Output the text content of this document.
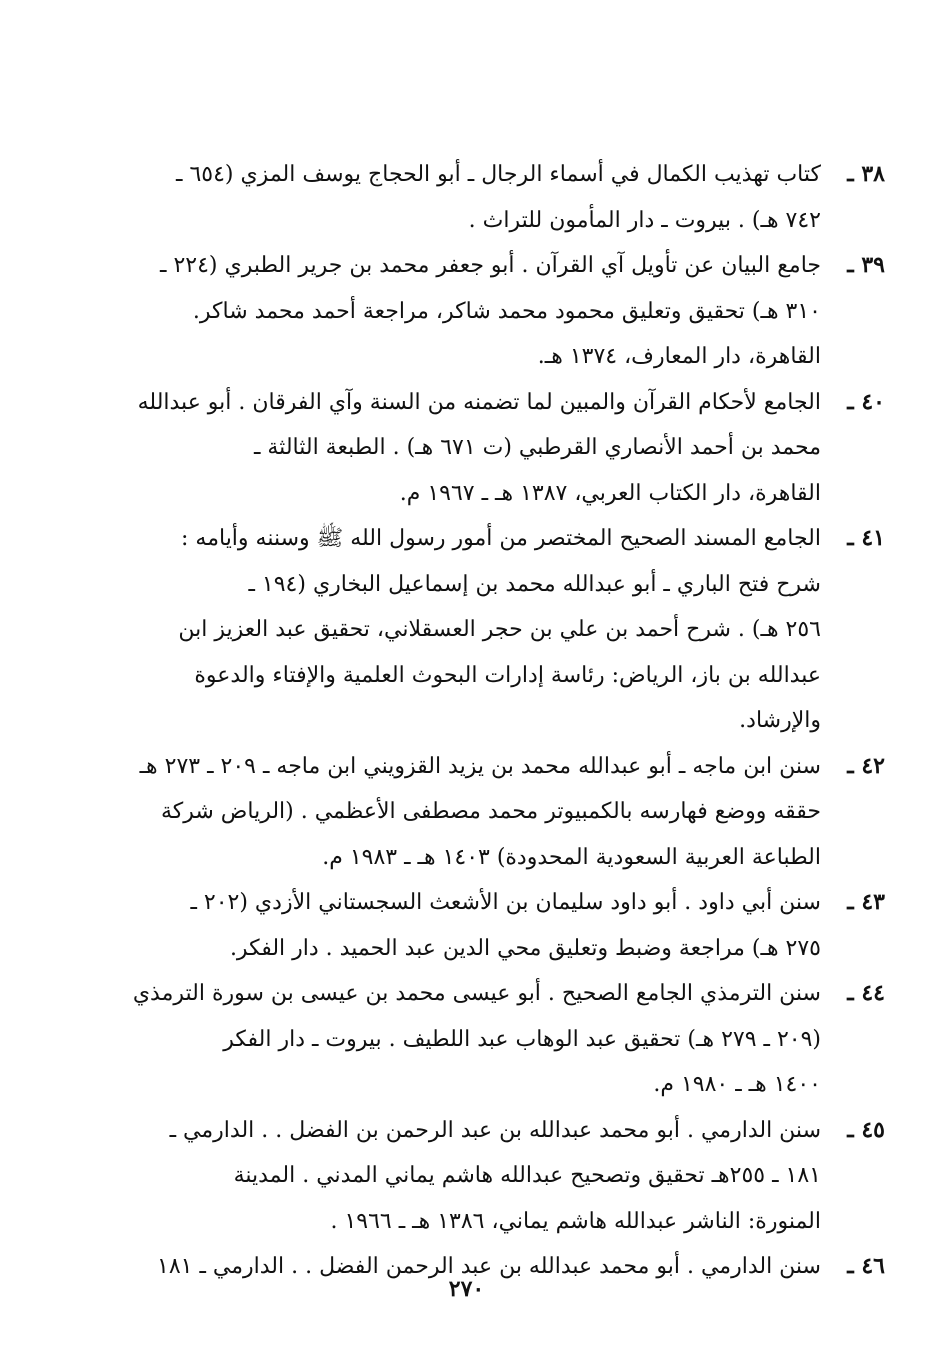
٣٨ ـ
كتاب تهذيب الكمال في أسماء الرجال ـ أبو الحجاج يوسف المزي (٦٥٤ ـ
٧٤٢ هـ) . بيروت ـ دار المأمون للتراث .
٣٩ ـ
جامع البيان عن تأويل آي القرآن . أبو جعفر محمد بن جرير الطبري (٢٢٤ ـ
٣١٠ هـ) تحقيق وتعليق محمود محمد شاكر، مراجعة أحمد محمد شاكر.
القاهرة، دار المعارف، ١٣٧٤ هـ.
٤٠ ـ
الجامع لأحكام القرآن والمبين لما تضمنه من السنة وآي الفرقان . أبو عبدالله
محمد بن أحمد الأنصاري القرطبي (ت ٦٧١ هـ) . الطبعة الثالثة ـ
القاهرة، دار الكتاب العربي، ١٣٨٧ هـ ـ ١٩٦٧ م.
٤١ ـ
الجامع المسند الصحيح المختصر من أمور رسول الله ﷺ وسننه وأيامه :
شرح فتح الباري ـ أبو عبدالله محمد بن إسماعيل البخاري (١٩٤ ـ
٢٥٦ هـ) . شرح أحمد بن علي بن حجر العسقلاني، تحقيق عبد العزيز ابن
عبدالله بن باز، الرياض: رئاسة إدارات البحوث العلمية والإفتاء والدعوة
والإرشاد.
٤٢ ـ
سنن ابن ماجه ـ أبو عبدالله محمد بن يزيد القزويني ابن ماجه ـ ٢٠٩ ـ ٢٧٣ هـ
حققه ووضع فهارسه بالكمبيوتر محمد مصطفى الأعظمي . (الرياض شركة
الطباعة العربية السعودية المحدودة) ١٤٠٣ هـ ـ ١٩٨٣ م.
٤٣ ـ
سنن أبي داود . أبو داود سليمان بن الأشعث السجستاني الأزدي (٢٠٢ ـ
٢٧٥ هـ) مراجعة وضبط وتعليق محي الدين عبد الحميد . دار الفكر.
٤٤ ـ
سنن الترمذي الجامع الصحيح . أبو عيسى محمد بن عيسى بن سورة الترمذي
(٢٠٩ ـ ٢٧٩ هـ) تحقيق عبد الوهاب عبد اللطيف . بيروت ـ دار الفكر
١٤٠٠ هـ ـ ١٩٨٠ م.
٤٥ ـ
سنن الدارمي . أبو محمد عبدالله بن عبد الرحمن بن الفضل . . الدارمي ـ
١٨١ ـ ٢٥٥هـ تحقيق وتصحيح عبدالله هاشم يماني المدني . المدينة
المنورة: الناشر عبدالله هاشم يماني، ١٣٨٦ هـ ـ ١٩٦٦ .
٤٦ ـ
سنن الدارمي . أبو محمد عبدالله بن عبد الرحمن الفضل . . الدارمي ـ ١٨١
٢٧٠
